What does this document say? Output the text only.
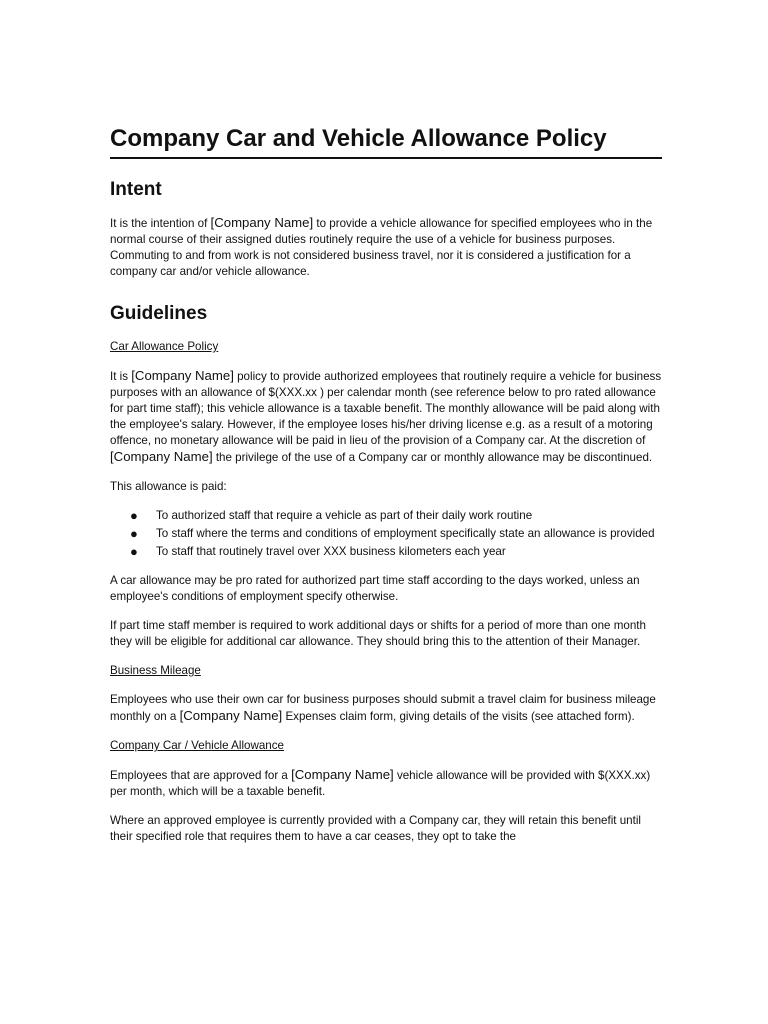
Company Car and Vehicle Allowance Policy
Intent

It is the intention of [Company Name] to provide a vehicle allowance for specified employees who in the normal course of their assigned duties routinely require the use of a vehicle for business purposes. Commuting to and from work is not considered business travel, nor it is considered a justification for a company car and/or vehicle allowance.

Guidelines
Car Allowance Policy

It is [Company Name] policy to provide authorized employees that routinely require a vehicle for business purposes with an allowance of $(XXX.xx ) per calendar month (see reference below to pro rated allowance for part time staff); this vehicle allowance is a taxable benefit. The monthly allowance will be paid along with the employee's salary. However, if the employee loses his/her driving license e.g. as a result of a motoring offence, no monetary allowance will be paid in lieu of the provision of a Company car. At the discretion of [Company Name] the privilege of the use of a Company car or monthly allowance may be discontinued.

This allowance is paid:

● To authorized staff that require a vehicle as part of their daily work routine
● To staff where the terms and conditions of employment specifically state an allowance is provided
● To staff that routinely travel over XXX business kilometers each year

A car allowance may be pro rated for authorized part time staff according to the days worked, unless an employee's conditions of employment specify otherwise.

If part time staff member is required to work additional days or shifts for a period of more than one month they will be eligible for additional car allowance. They should bring this to the attention of their Manager.

Business Mileage

Employees who use their own car for business purposes should submit a travel claim for business mileage monthly on a [Company Name] Expenses claim form, giving details of the visits (see attached form).

Company Car / Vehicle Allowance

Employees that are approved for a [Company Name] vehicle allowance will be provided with $(XXX.xx) per month, which will be a taxable benefit.

Where an approved employee is currently provided with a Company car, they will retain this benefit until their specified role that requires them to have a car ceases, they opt to take the
